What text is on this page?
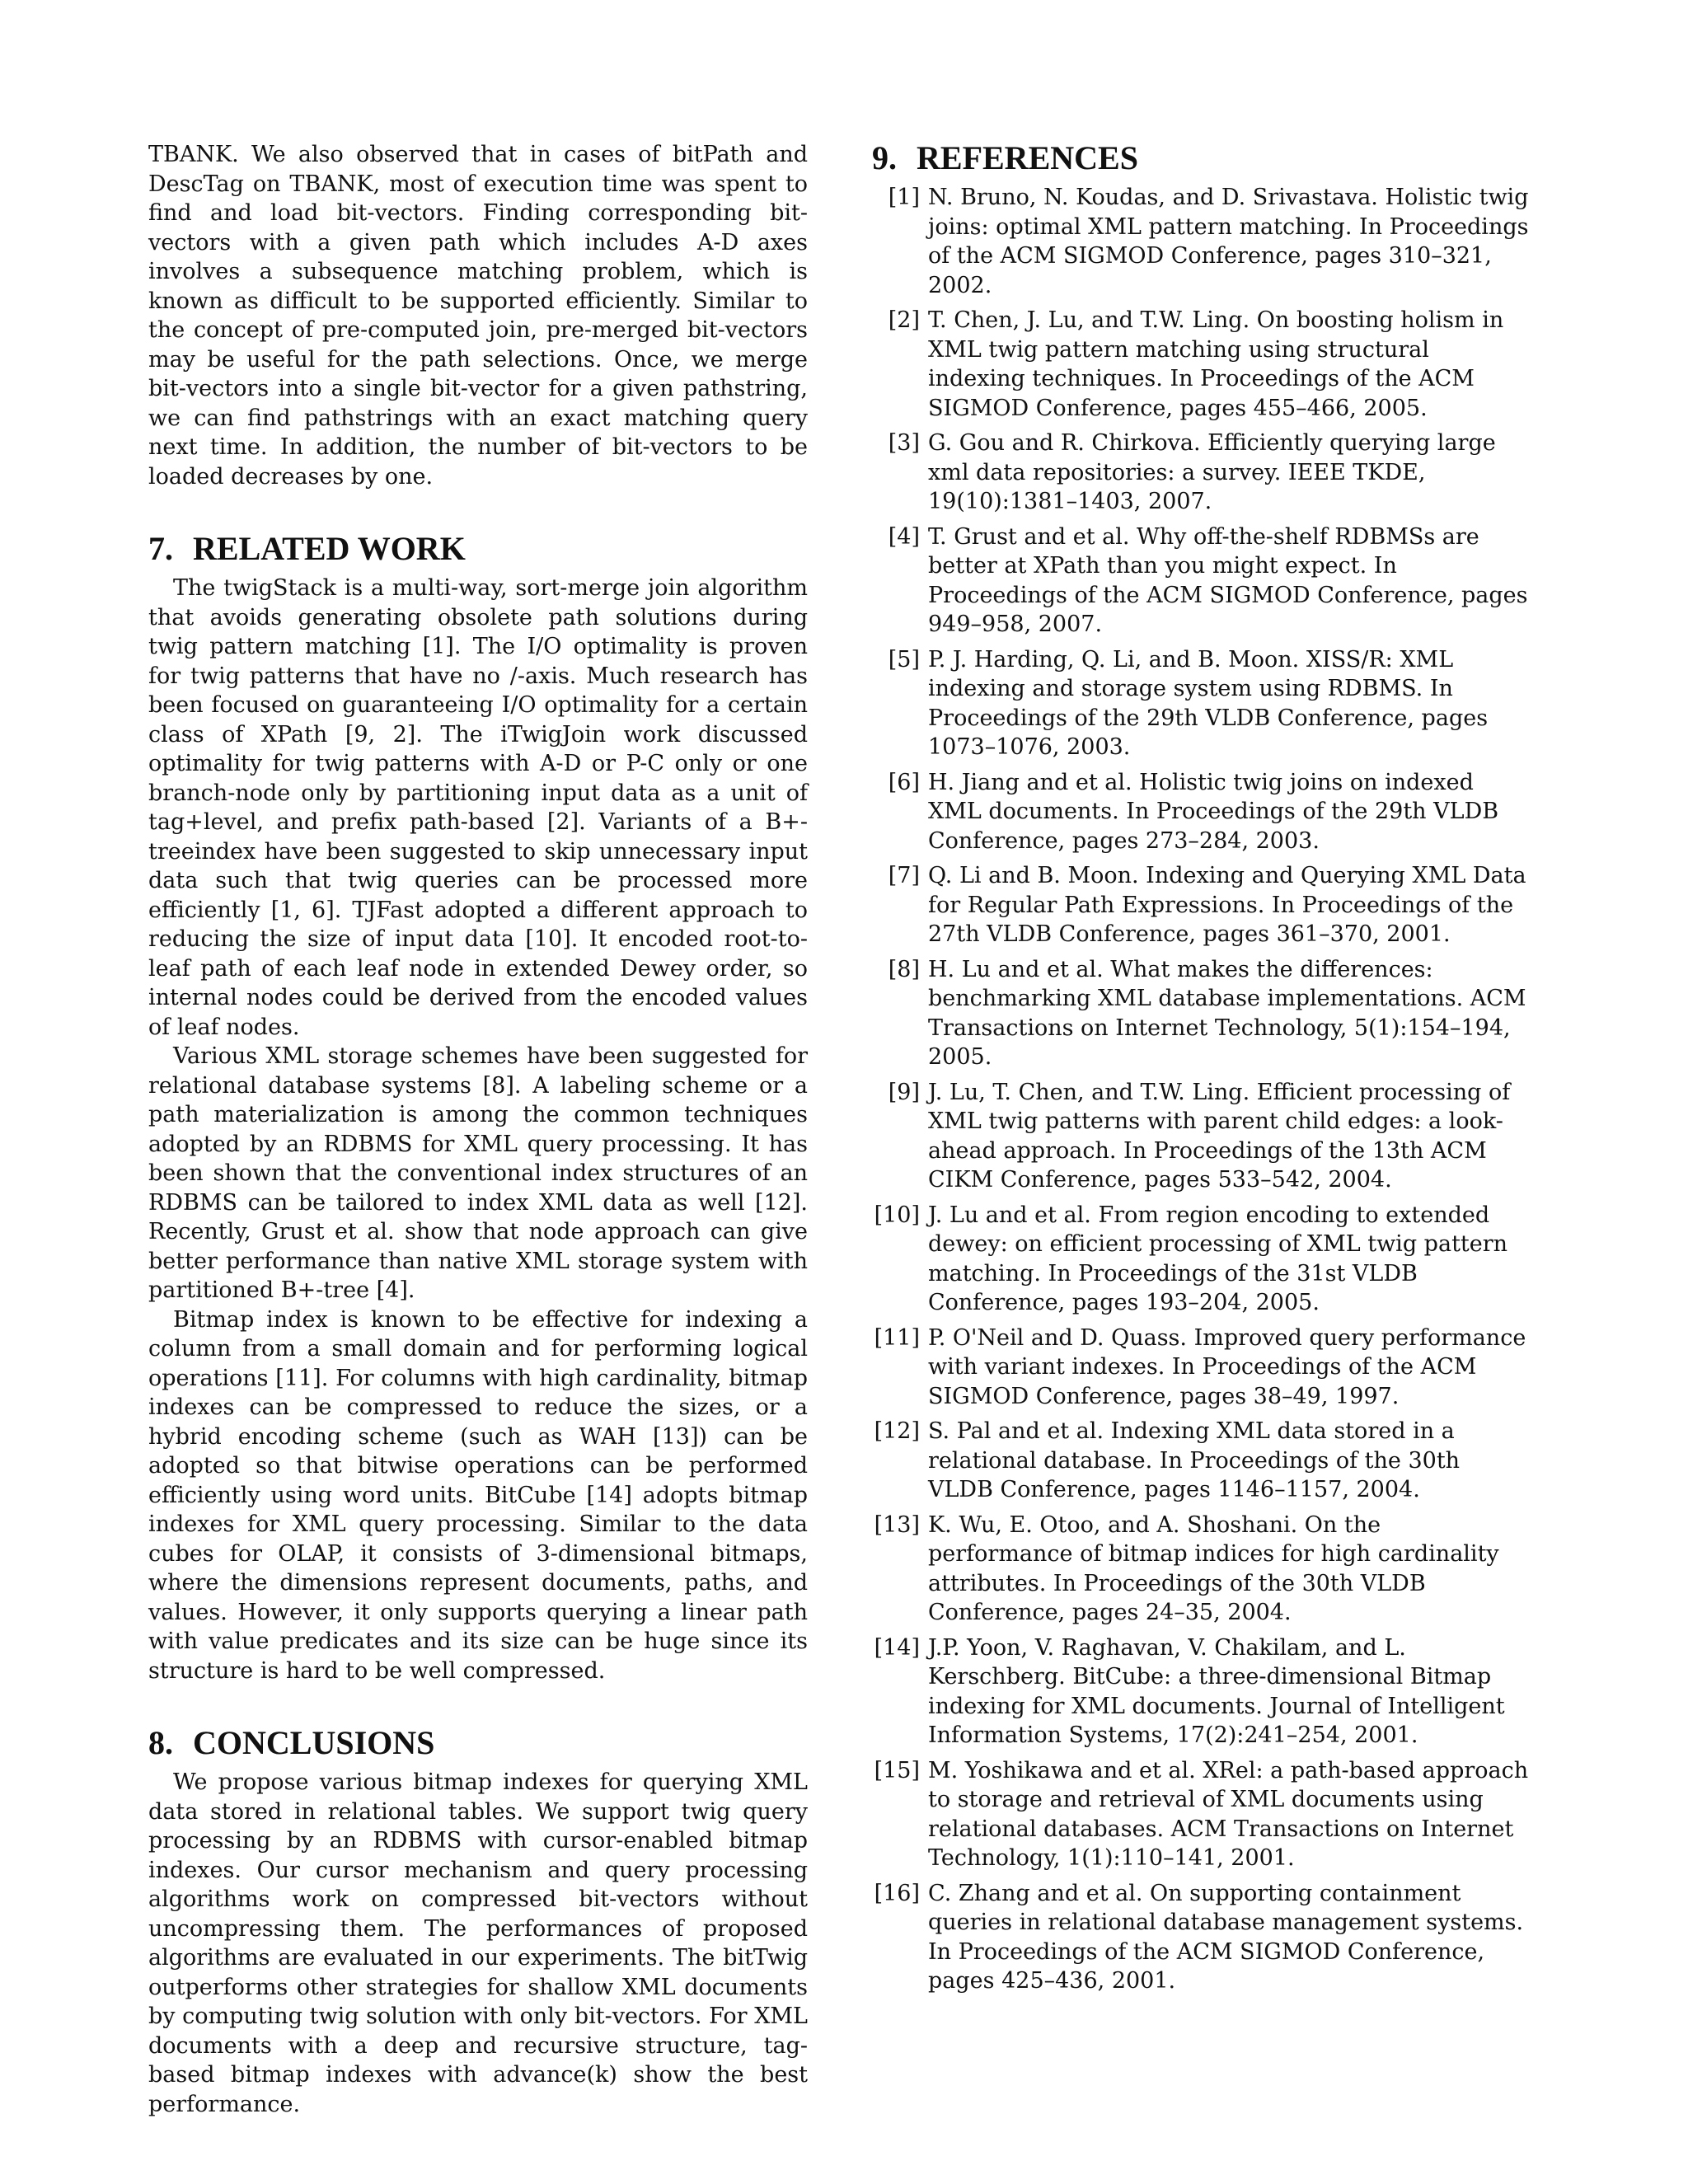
TBANK. We also observed that in cases of bitPath and DescTag on TBANK, most of execution time was spent to find and load bit-vectors. Finding corresponding bit-vectors with a given path which includes A-D axes involves a subsequence matching problem, which is known as difficult to be supported efficiently. Similar to the concept of pre-computed join, pre-merged bit-vectors may be useful for the path selections. Once, we merge bit-vectors into a single bit-vector for a given pathstring, we can find pathstrings with an exact matching query next time. In addition, the number of bit-vectors to be loaded decreases by one.

7. RELATED WORK

The twigStack is a multi-way, sort-merge join algorithm that avoids generating obsolete path solutions during twig pattern matching [1]. The I/O optimality is proven for twig patterns that have no /-axis. Much research has been focused on guaranteeing I/O optimality for a certain class of XPath [9, 2]. The iTwigJoin work discussed optimality for twig patterns with A-D or P-C only or one branch-node only by partitioning input data as a unit of tag+level, and prefix path-based [2]. Variants of a B+-treeindex have been suggested to skip unnecessary input data such that twig queries can be processed more efficiently [1, 6]. TJFast adopted a different approach to reducing the size of input data [10]. It encoded root-to-leaf path of each leaf node in extended Dewey order, so internal nodes could be derived from the encoded values of leaf nodes.

Various XML storage schemes have been suggested for relational database systems [8]. A labeling scheme or a path materialization is among the common techniques adopted by an RDBMS for XML query processing. It has been shown that the conventional index structures of an RDBMS can be tailored to index XML data as well [12]. Recently, Grust et al. show that node approach can give better performance than native XML storage system with partitioned B+-tree [4].

Bitmap index is known to be effective for indexing a column from a small domain and for performing logical operations [11]. For columns with high cardinality, bitmap indexes can be compressed to reduce the sizes, or a hybrid encoding scheme (such as WAH [13]) can be adopted so that bitwise operations can be performed efficiently using word units. BitCube [14] adopts bitmap indexes for XML query processing. Similar to the data cubes for OLAP, it consists of 3-dimensional bitmaps, where the dimensions represent documents, paths, and values. However, it only supports querying a linear path with value predicates and its size can be huge since its structure is hard to be well compressed.

8. CONCLUSIONS

We propose various bitmap indexes for querying XML data stored in relational tables. We support twig query processing by an RDBMS with cursor-enabled bitmap indexes. Our cursor mechanism and query processing algorithms work on compressed bit-vectors without uncompressing them. The performances of proposed algorithms are evaluated in our experiments. The bitTwig outperforms other strategies for shallow XML documents by computing twig solution with only bit-vectors. For XML documents with a deep and recursive structure, tag-based bitmap indexes with advance(k) show the best performance.

9. REFERENCES
[1] N. Bruno, N. Koudas, and D. Srivastava. Holistic twig joins: optimal XML pattern matching. In Proceedings of the ACM SIGMOD Conference, pages 310–321, 2002.
[2] T. Chen, J. Lu, and T.W. Ling. On boosting holism in XML twig pattern matching using structural indexing techniques. In Proceedings of the ACM SIGMOD Conference, pages 455–466, 2005.
[3] G. Gou and R. Chirkova. Efficiently querying large xml data repositories: a survey. IEEE TKDE, 19(10):1381–1403, 2007.
[4] T. Grust and et al. Why off-the-shelf RDBMSs are better at XPath than you might expect. In Proceedings of the ACM SIGMOD Conference, pages 949–958, 2007.
[5] P. J. Harding, Q. Li, and B. Moon. XISS/R: XML indexing and storage system using RDBMS. In Proceedings of the 29th VLDB Conference, pages 1073–1076, 2003.
[6] H. Jiang and et al. Holistic twig joins on indexed XML documents. In Proceedings of the 29th VLDB Conference, pages 273–284, 2003.
[7] Q. Li and B. Moon. Indexing and Querying XML Data for Regular Path Expressions. In Proceedings of the 27th VLDB Conference, pages 361–370, 2001.
[8] H. Lu and et al. What makes the differences: benchmarking XML database implementations. ACM Transactions on Internet Technology, 5(1):154–194, 2005.
[9] J. Lu, T. Chen, and T.W. Ling. Efficient processing of XML twig patterns with parent child edges: a look-ahead approach. In Proceedings of the 13th ACM CIKM Conference, pages 533–542, 2004.
[10] J. Lu and et al. From region encoding to extended dewey: on efficient processing of XML twig pattern matching. In Proceedings of the 31st VLDB Conference, pages 193–204, 2005.
[11] P. O'Neil and D. Quass. Improved query performance with variant indexes. In Proceedings of the ACM SIGMOD Conference, pages 38–49, 1997.
[12] S. Pal and et al. Indexing XML data stored in a relational database. In Proceedings of the 30th VLDB Conference, pages 1146–1157, 2004.
[13] K. Wu, E. Otoo, and A. Shoshani. On the performance of bitmap indices for high cardinality attributes. In Proceedings of the 30th VLDB Conference, pages 24–35, 2004.
[14] J.P. Yoon, V. Raghavan, V. Chakilam, and L. Kerschberg. BitCube: a three-dimensional Bitmap indexing for XML documents. Journal of Intelligent Information Systems, 17(2):241–254, 2001.
[15] M. Yoshikawa and et al. XRel: a path-based approach to storage and retrieval of XML documents using relational databases. ACM Transactions on Internet Technology, 1(1):110–141, 2001.
[16] C. Zhang and et al. On supporting containment queries in relational database management systems. In Proceedings of the ACM SIGMOD Conference, pages 425–436, 2001.
